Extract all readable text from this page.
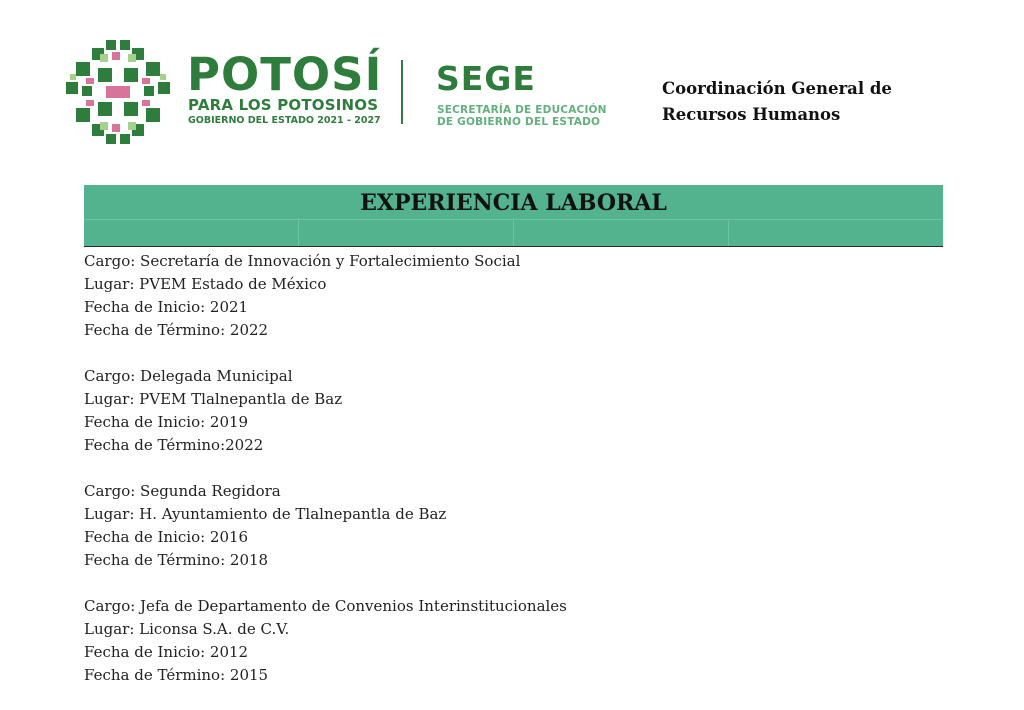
POTOSÍ
PARA LOS POTOSINOS
GOBIERNO DEL ESTADO 2021 - 2027
SEGE
SECRETARÍA DE EDUCACIÓN
DE GOBIERNO DEL ESTADO
Coordinación General de
Recursos Humanos
EXPERIENCIA LABORAL
Cargo: Secretaría de Innovación y Fortalecimiento Social
Lugar: PVEM Estado de México
Fecha de Inicio: 2021
Fecha de Término: 2022
Cargo: Delegada Municipal
Lugar: PVEM Tlalnepantla de Baz
Fecha de Inicio: 2019
Fecha de Término:2022
Cargo: Segunda Regidora
Lugar: H. Ayuntamiento de Tlalnepantla de Baz
Fecha de Inicio: 2016
Fecha de Término: 2018
Cargo: Jefa de Departamento de Convenios Interinstitucionales
Lugar: Liconsa S.A. de C.V.
Fecha de Inicio: 2012
Fecha de Término: 2015
